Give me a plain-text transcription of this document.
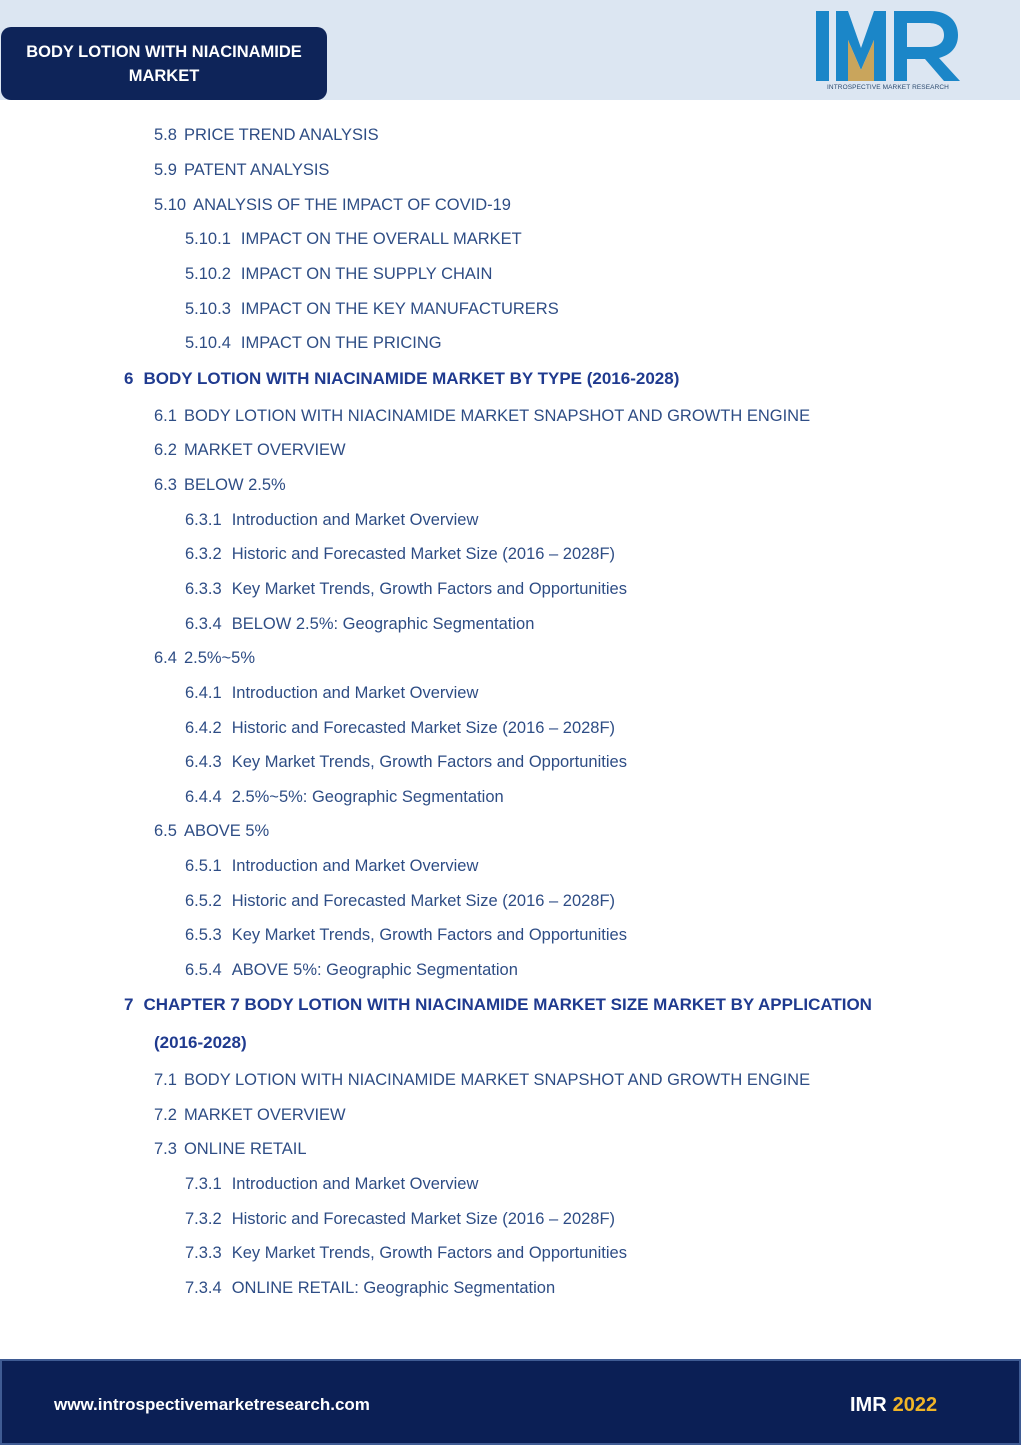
BODY LOTION WITH NIACINAMIDE
MARKET
INTROSPECTIVE MARKET RESEARCH
5.8 PRICE TREND ANALYSIS
5.9 PATENT ANALYSIS
5.10 ANALYSIS OF THE IMPACT OF COVID-19
5.10.1 IMPACT ON THE OVERALL MARKET
5.10.2 IMPACT ON THE SUPPLY CHAIN
5.10.3 IMPACT ON THE KEY MANUFACTURERS
5.10.4 IMPACT ON THE PRICING
6 BODY LOTION WITH NIACINAMIDE MARKET BY TYPE (2016-2028)
6.1 BODY LOTION WITH NIACINAMIDE MARKET SNAPSHOT AND GROWTH ENGINE
6.2 MARKET OVERVIEW
6.3 BELOW 2.5%
6.3.1 Introduction and Market Overview
6.3.2 Historic and Forecasted Market Size (2016 – 2028F)
6.3.3 Key Market Trends, Growth Factors and Opportunities
6.3.4 BELOW 2.5%: Geographic Segmentation
6.4 2.5%~5%
6.4.1 Introduction and Market Overview
6.4.2 Historic and Forecasted Market Size (2016 – 2028F)
6.4.3 Key Market Trends, Growth Factors and Opportunities
6.4.4 2.5%~5%: Geographic Segmentation
6.5 ABOVE 5%
6.5.1 Introduction and Market Overview
6.5.2 Historic and Forecasted Market Size (2016 – 2028F)
6.5.3 Key Market Trends, Growth Factors and Opportunities
6.5.4 ABOVE 5%: Geographic Segmentation
7 CHAPTER 7 BODY LOTION WITH NIACINAMIDE MARKET SIZE MARKET BY APPLICATION
(2016-2028)
7.1 BODY LOTION WITH NIACINAMIDE MARKET SNAPSHOT AND GROWTH ENGINE
7.2 MARKET OVERVIEW
7.3 ONLINE RETAIL
7.3.1 Introduction and Market Overview
7.3.2 Historic and Forecasted Market Size (2016 – 2028F)
7.3.3 Key Market Trends, Growth Factors and Opportunities
7.3.4 ONLINE RETAIL: Geographic Segmentation
www.introspectivemarketresearch.com	IMR 2022
